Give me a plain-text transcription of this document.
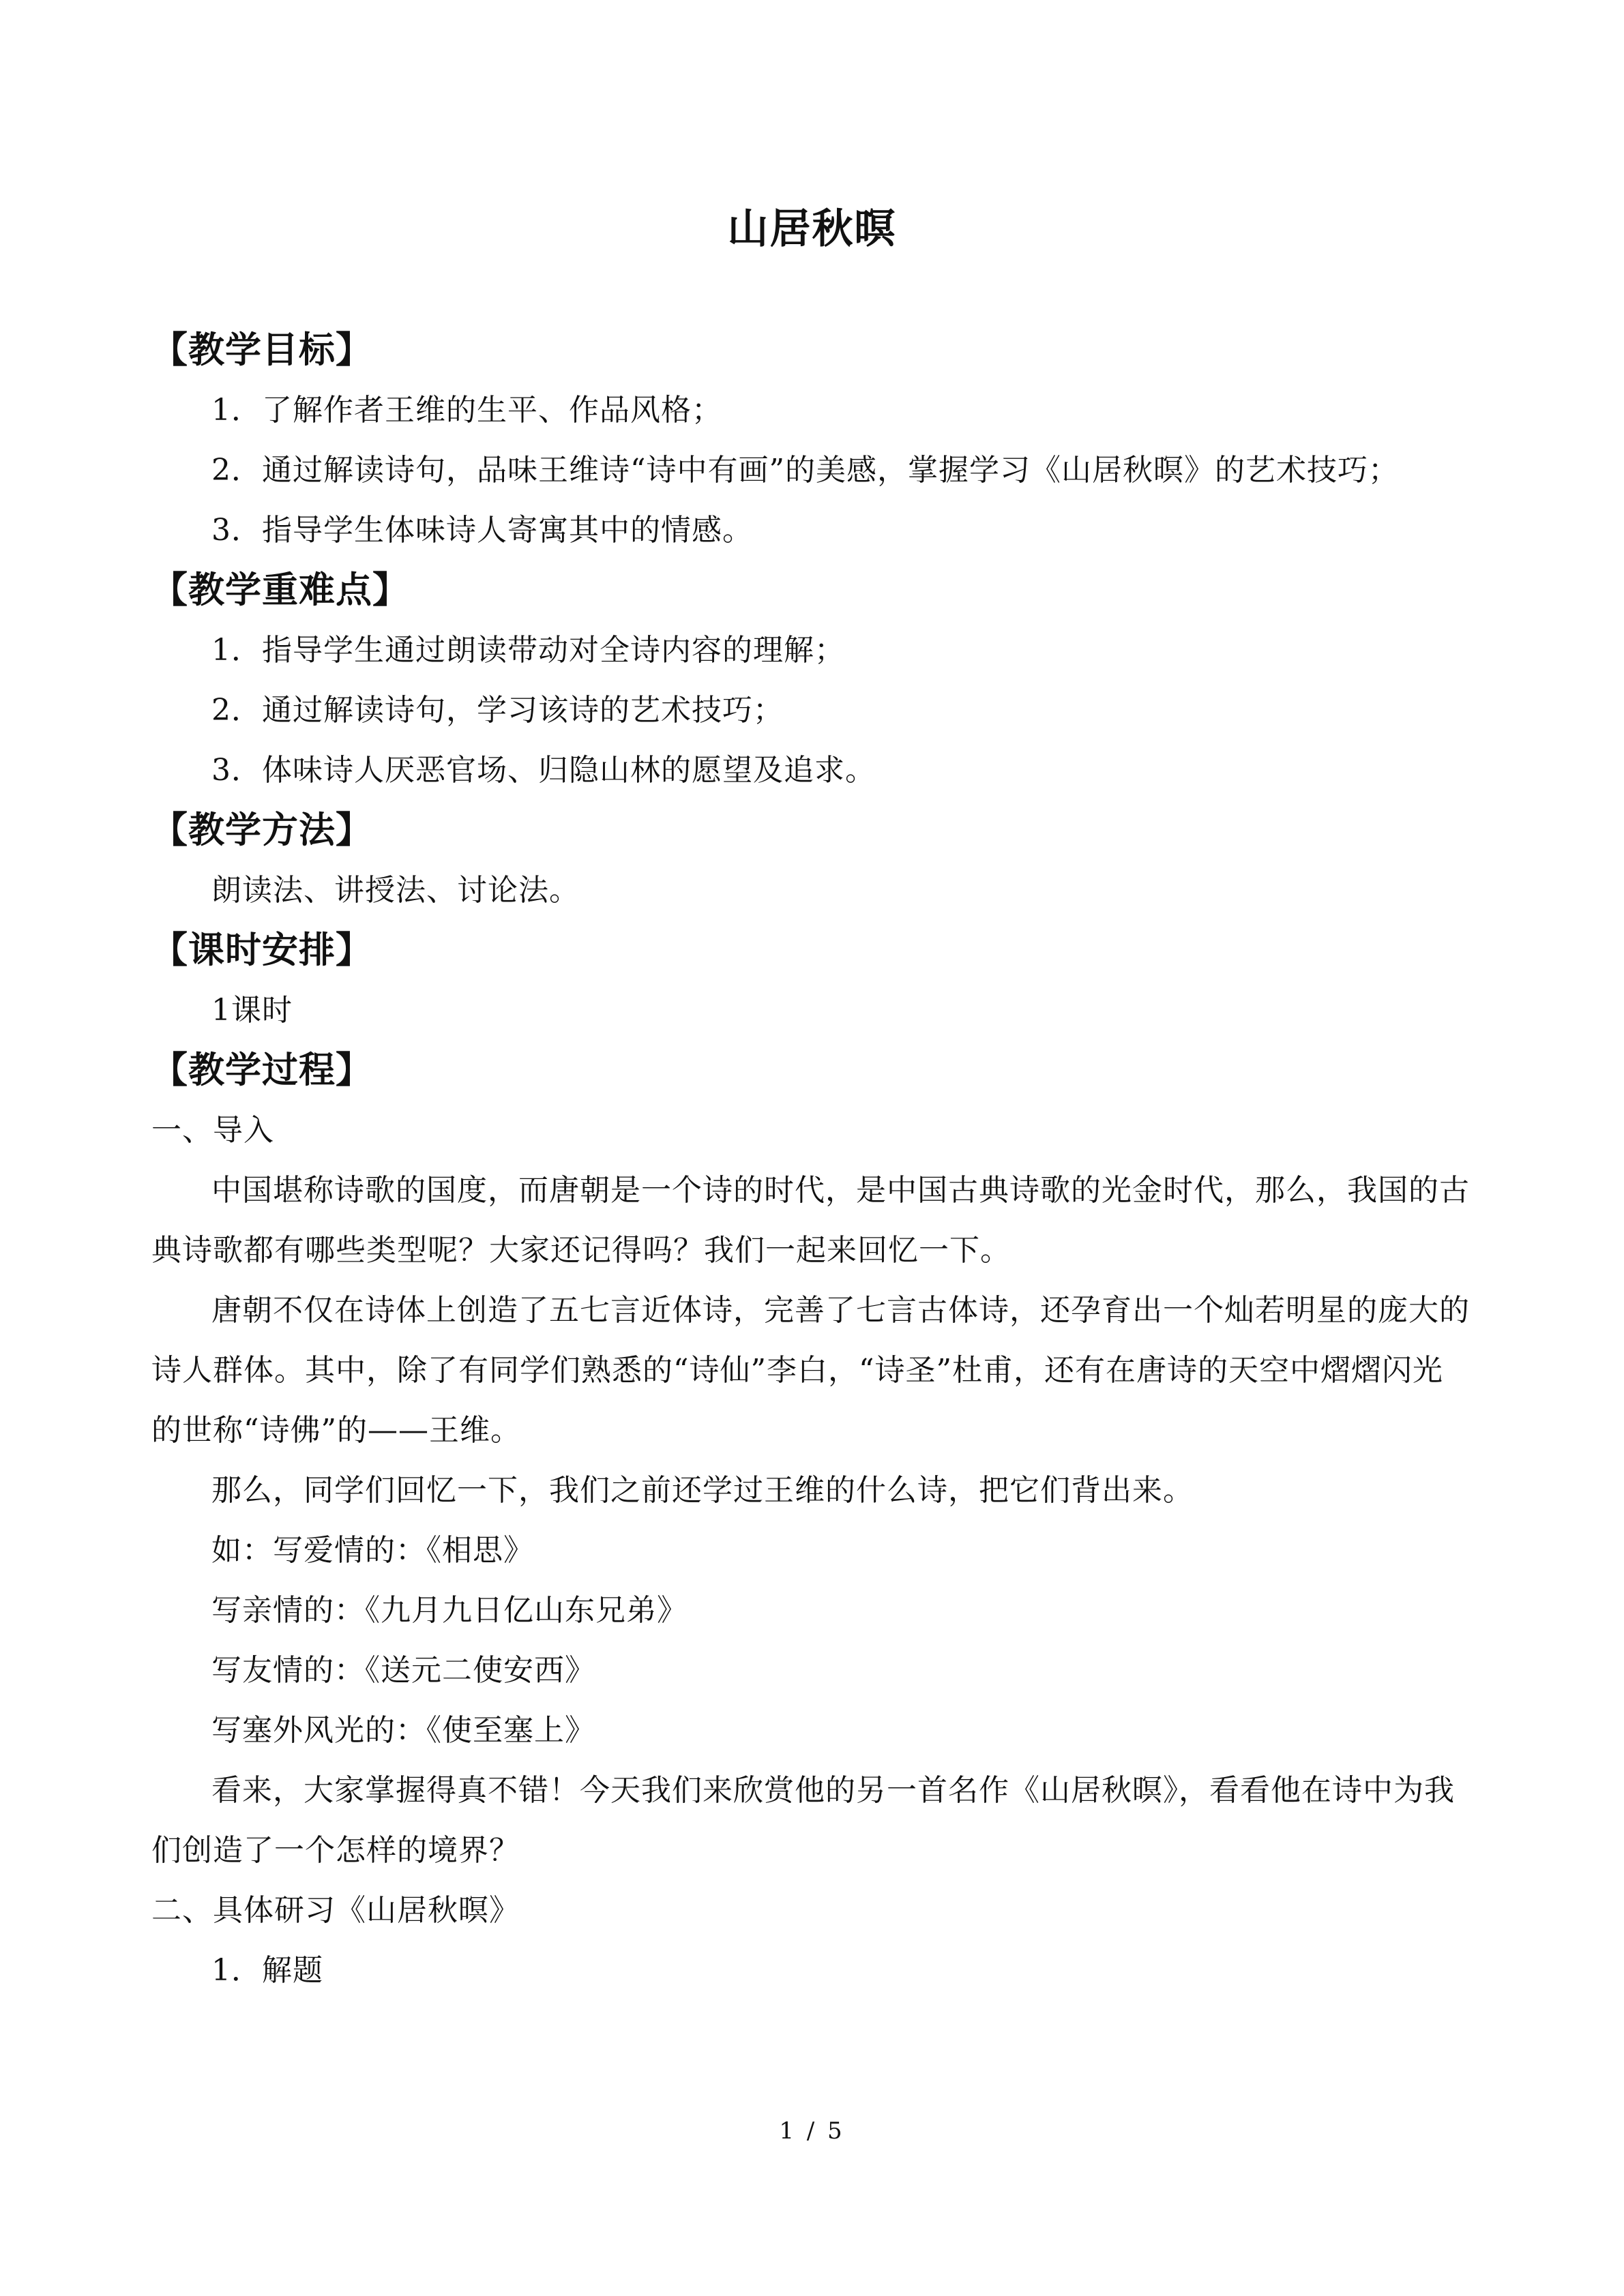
山居秋暝

【教学目标】

1．了解作者王维的生平、作品风格；

2．通过解读诗句，品味王维诗“诗中有画”的美感，掌握学习《山居秋暝》的艺术技巧；

3．指导学生体味诗人寄寓其中的情感。

【教学重难点】

1．指导学生通过朗读带动对全诗内容的理解；

2．通过解读诗句，学习该诗的艺术技巧；

3．体味诗人厌恶官场、归隐山林的愿望及追求。

【教学方法】

朗读法、讲授法、讨论法。

【课时安排】

1课时

【教学过程】

一、导入

中国堪称诗歌的国度，而唐朝是一个诗的时代，是中国古典诗歌的光金时代，那么，我国的古典诗歌都有哪些类型呢？大家还记得吗？我们一起来回忆一下。

唐朝不仅在诗体上创造了五七言近体诗，完善了七言古体诗，还孕育出一个灿若明星的庞大的诗人群体。其中，除了有同学们熟悉的“诗仙”李白，“诗圣”杜甫，还有在唐诗的天空中熠熠闪光的世称“诗佛”的——王维。

那么，同学们回忆一下，我们之前还学过王维的什么诗，把它们背出来。

如：写爱情的：《相思》

写亲情的：《九月九日亿山东兄弟》

写友情的：《送元二使安西》

写塞外风光的：《使至塞上》

看来，大家掌握得真不错！今天我们来欣赏他的另一首名作《山居秋暝》，看看他在诗中为我们创造了一个怎样的境界？

二、具体研习《山居秋暝》

1．解题

1 / 5
